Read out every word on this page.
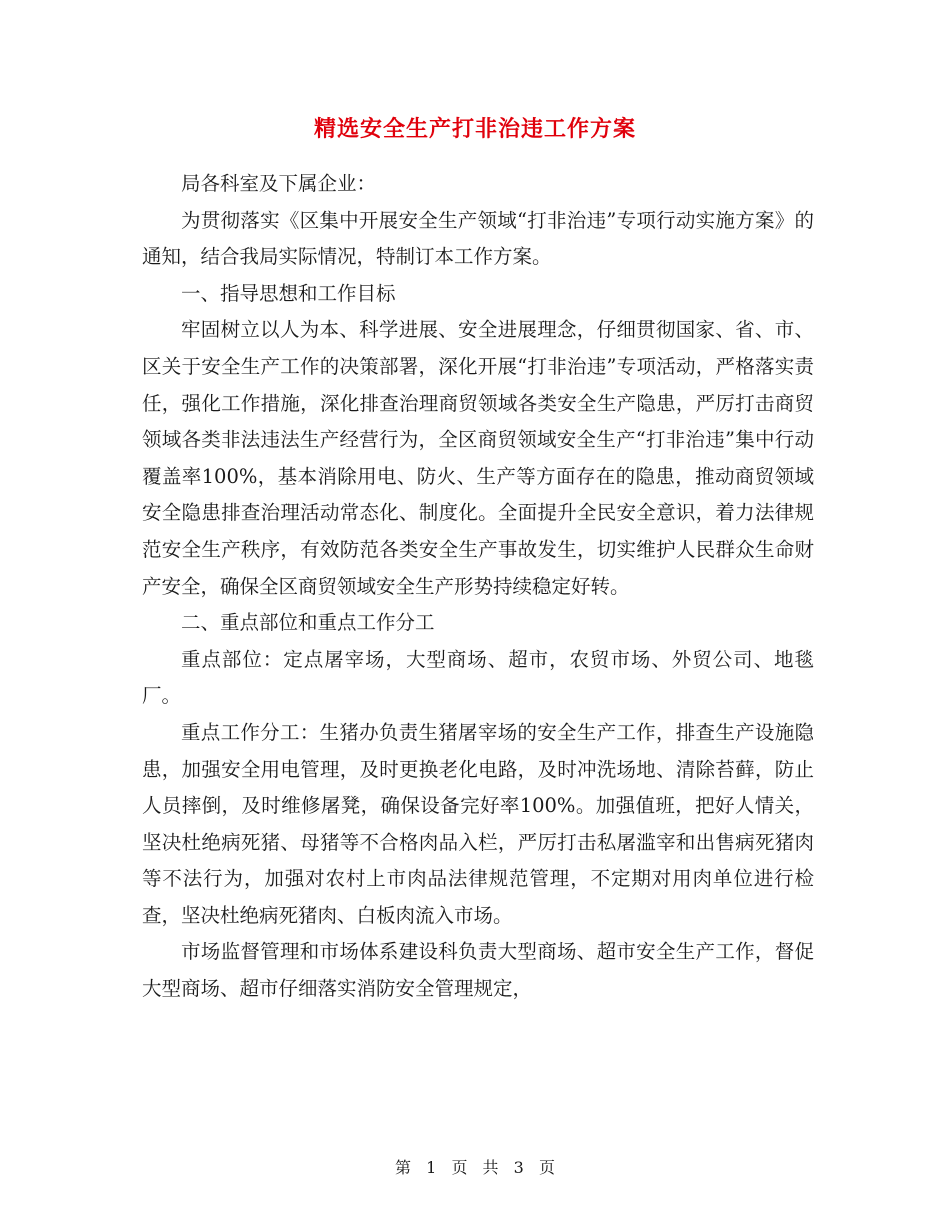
精选安全生产打非治违工作方案

局各科室及下属企业：

为贯彻落实《区集中开展安全生产领域“打非治违”专项行动实施方案》的通知，结合我局实际情况，特制订本工作方案。

一、指导思想和工作目标

牢固树立以人为本、科学进展、安全进展理念，仔细贯彻国家、省、市、区关于安全生产工作的决策部署，深化开展“打非治违”专项活动，严格落实责任，强化工作措施，深化排查治理商贸领域各类安全生产隐患，严厉打击商贸领域各类非法违法生产经营行为，全区商贸领域安全生产“打非治违”集中行动覆盖率100%，基本消除用电、防火、生产等方面存在的隐患，推动商贸领域安全隐患排查治理活动常态化、制度化。全面提升全民安全意识，着力法律规范安全生产秩序，有效防范各类安全生产事故发生，切实维护人民群众生命财产安全，确保全区商贸领域安全生产形势持续稳定好转。

二、重点部位和重点工作分工

重点部位：定点屠宰场，大型商场、超市，农贸市场、外贸公司、地毯厂。

重点工作分工：生猪办负责生猪屠宰场的安全生产工作，排查生产设施隐患，加强安全用电管理，及时更换老化电路，及时冲洗场地、清除苔藓，防止人员摔倒，及时维修屠凳，确保设备完好率100%。加强值班，把好人情关，坚决杜绝病死猪、母猪等不合格肉品入栏，严厉打击私屠滥宰和出售病死猪肉等不法行为，加强对农村上市肉品法律规范管理，不定期对用肉单位进行检查，坚决杜绝病死猪肉、白板肉流入市场。

市场监督管理和市场体系建设科负责大型商场、超市安全生产工作，督促大型商场、超市仔细落实消防安全管理规定，

第 1 页 共 3 页
